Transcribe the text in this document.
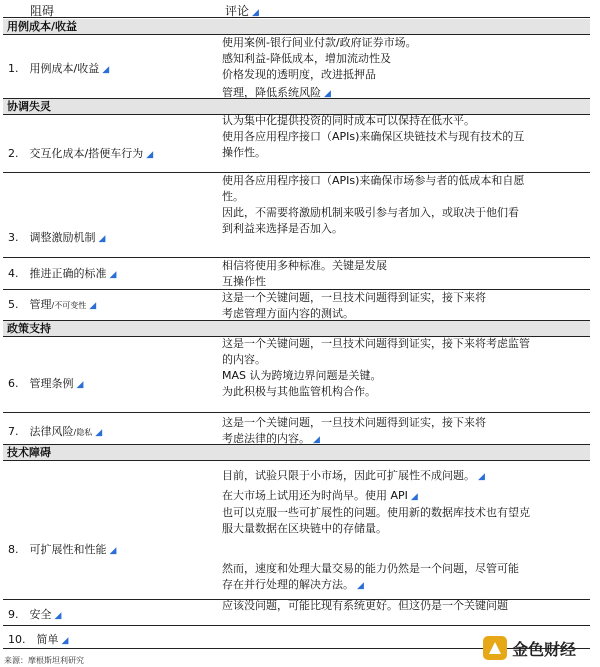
阻碍	评论 ◢
用例成本/收益
1.　用例成本/收益 ◢
使用案例-银行间业付款/政府证券市场。
感知利益-降低成本，增加流动性及
价格发现的透明度，改进抵押品
管理，降低系统风险 ◢
协调失灵
2.　交互化成本/搭便车行为 ◢
认为集中化提供投资的同时成本可以保持在低水平。
使用各应用程序接口（APIs)来确保区块链技术与现有技术的互
操作性。
3.　调整激励机制 ◢
使用各应用程序接口（APIs)来确保市场参与者的低成本和自愿
性。
因此，不需要将激励机制来吸引参与者加入，或取决于他们看
到利益来选择是否加入。
4.　推进正确的标准 ◢
相信将使用多种标准。关键是发展
互操作性
5.　管理/不可变性 ◢
这是一个关键问题，一旦技术问题得到证实，接下来将
考虑管理方面内容的测试。
政策支持
6.　管理条例 ◢
这是一个关键问题，一旦技术问题得到证实，接下来将考虑监管
的内容。
MAS 认为跨境边界问题是关键。
为此积极与其他监管机构合作。
7.　法律风险/隐私 ◢
这是一个关键问题，一旦技术问题得到证实，接下来将
考虑法律的内容。 ◢
技术障碍
8.　可扩展性和性能 ◢
目前，试验只限于小市场，因此可扩展性不成问题。 ◢
在大市场上试用还为时尚早。使用 API ◢
也可以克服一些可扩展性的问题。使用新的数据库技术也有望克
服大量数据在区块链中的存储量。
然而，速度和处理大量交易的能力仍然是一个问题，尽管可能
存在并行处理的解决方法。 ◢
9.　安全 ◢
应该没问题，可能比现有系统更好。但这仍是一个关键问题
10.　简单 ◢
来源：摩根斯坦利研究
金色财经
